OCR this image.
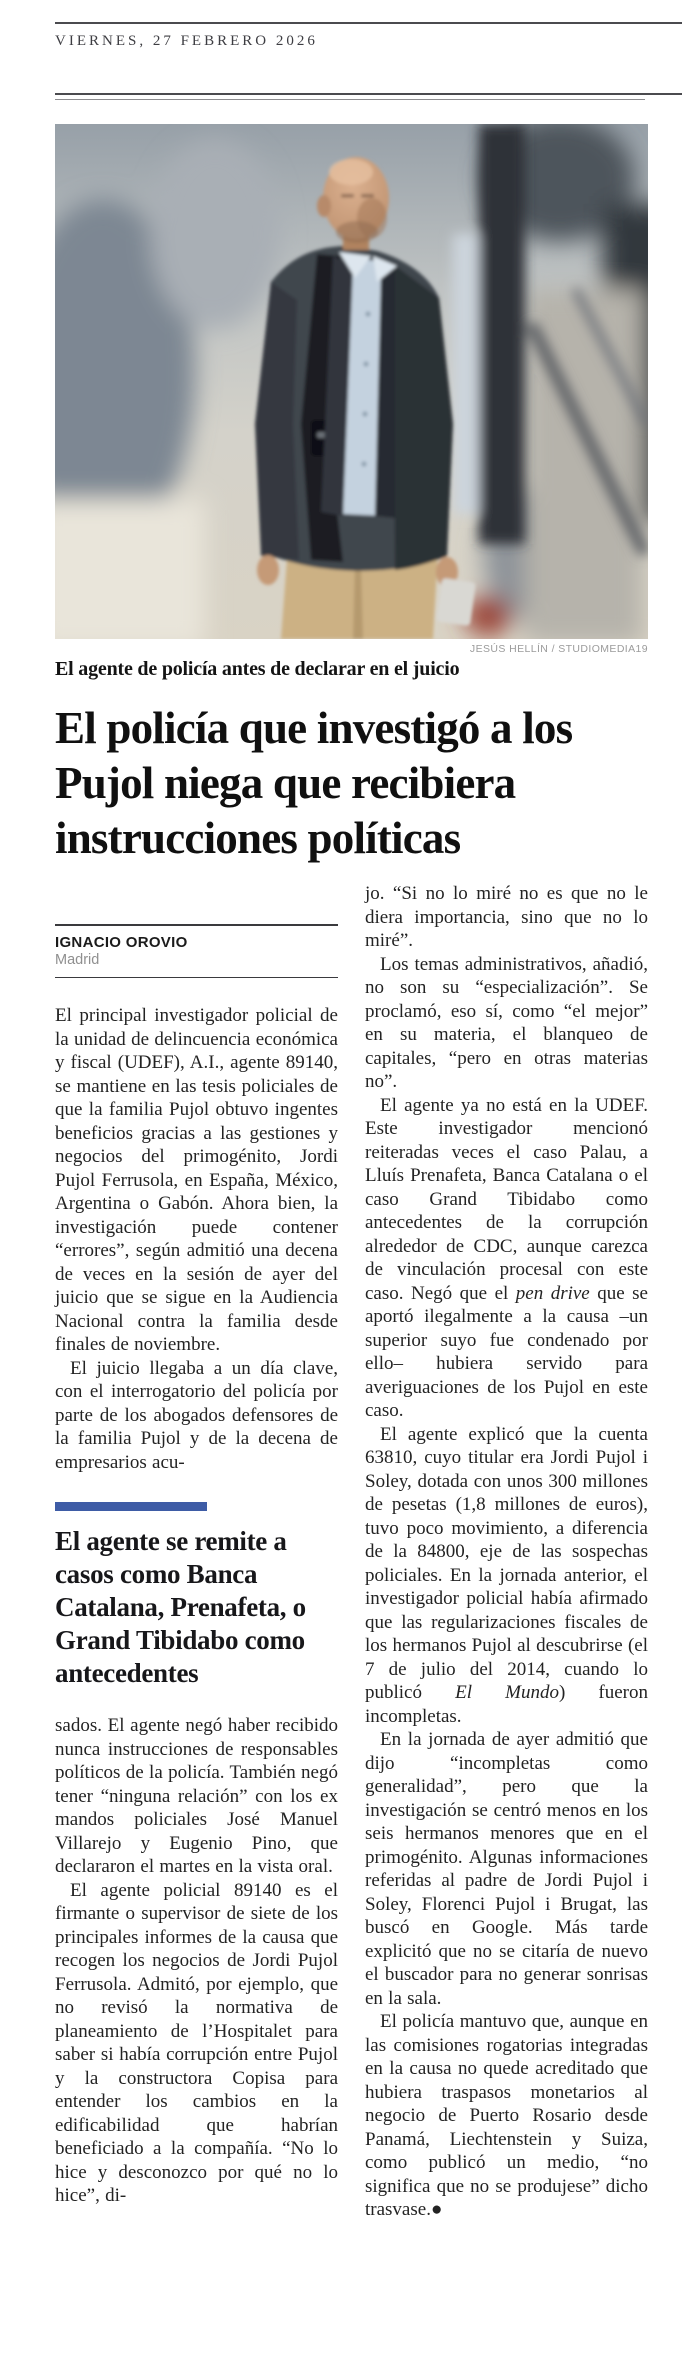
VIERNES, 27 FEBRERO 2026
JESÚS HELLÍN / STUDIOMEDIA19
El agente de policía antes de declarar en el juicio
El policía que investigó a los Pujol niega que recibiera instrucciones políticas
IGNACIO OROVIO
Madrid

El principal investigador policial de la unidad de delincuencia económica y fiscal (UDEF), A.I., agente 89140, se mantiene en las tesis policiales de que la familia Pujol obtuvo ingentes beneficios gracias a las gestiones y negocios del primogénito, Jordi Pujol Ferrusola, en España, México, Argentina o Gabón. Ahora bien, la investigación puede contener “errores”, según admitió una decena de veces en la sesión de ayer del juicio que se sigue en la Audiencia Nacional contra la familia desde finales de noviembre.

El juicio llegaba a un día clave, con el interrogatorio del policía por parte de los abogados defensores de la familia Pujol y de la decena de empresarios acu-

El agente se remite a casos como Banca Catalana, Prenafeta, o Grand Tibidabo como antecedentes

sados. El agente negó haber recibido nunca instrucciones de responsables políticos de la policía. También negó tener “ninguna relación” con los ex mandos policiales José Manuel Villarejo y Eugenio Pino, que declararon el martes en la vista oral.

El agente policial 89140 es el firmante o supervisor de siete de los principales informes de la causa que recogen los negocios de Jordi Pujol Ferrusola. Admitó, por ejemplo, que no revisó la normativa de planeamiento de l’Hospitalet para saber si había corrupción entre Pujol y la constructora Copisa para entender los cambios en la edificabilidad que habrían beneficiado a la compañía. “No lo hice y desconozco por qué no lo hice”, di-

jo. “Si no lo miré no es que no le diera importancia, sino que no lo miré”.

Los temas administrativos, añadió, no son su “especialización”. Se proclamó, eso sí, como “el mejor” en su materia, el blanqueo de capitales, “pero en otras materias no”.

El agente ya no está en la UDEF. Este investigador mencionó reiteradas veces el caso Palau, a Lluís Prenafeta, Banca Catalana o el caso Grand Tibidabo como antecedentes de la corrupción alrededor de CDC, aunque carezca de vinculación procesal con este caso. Negó que el pen drive que se aportó ilegalmente a la causa –un superior suyo fue condenado por ello– hubiera servido para averiguaciones de los Pujol en este caso.

El agente explicó que la cuenta 63810, cuyo titular era Jordi Pujol i Soley, dotada con unos 300 millones de pesetas (1,8 millones de euros), tuvo poco movimiento, a diferencia de la 84800, eje de las sospechas policiales. En la jornada anterior, el investigador policial había afirmado que las regularizaciones fiscales de los hermanos Pujol al descubrirse (el 7 de julio del 2014, cuando lo publicó El Mundo) fueron incompletas.

En la jornada de ayer admitió que dijo “incompletas como generalidad”, pero que la investigación se centró menos en los seis hermanos menores que en el primogénito. Algunas informaciones referidas al padre de Jordi Pujol i Soley, Florenci Pujol i Brugat, las buscó en Google. Más tarde explicitó que no se citaría de nuevo el buscador para no generar sonrisas en la sala.

El policía mantuvo que, aunque en las comisiones rogatorias integradas en la causa no quede acreditado que hubiera traspasos monetarios al negocio de Puerto Rosario desde Panamá, Liechtenstein y Suiza, como publicó un medio, “no significa que no se produjese” dicho trasvase.●
